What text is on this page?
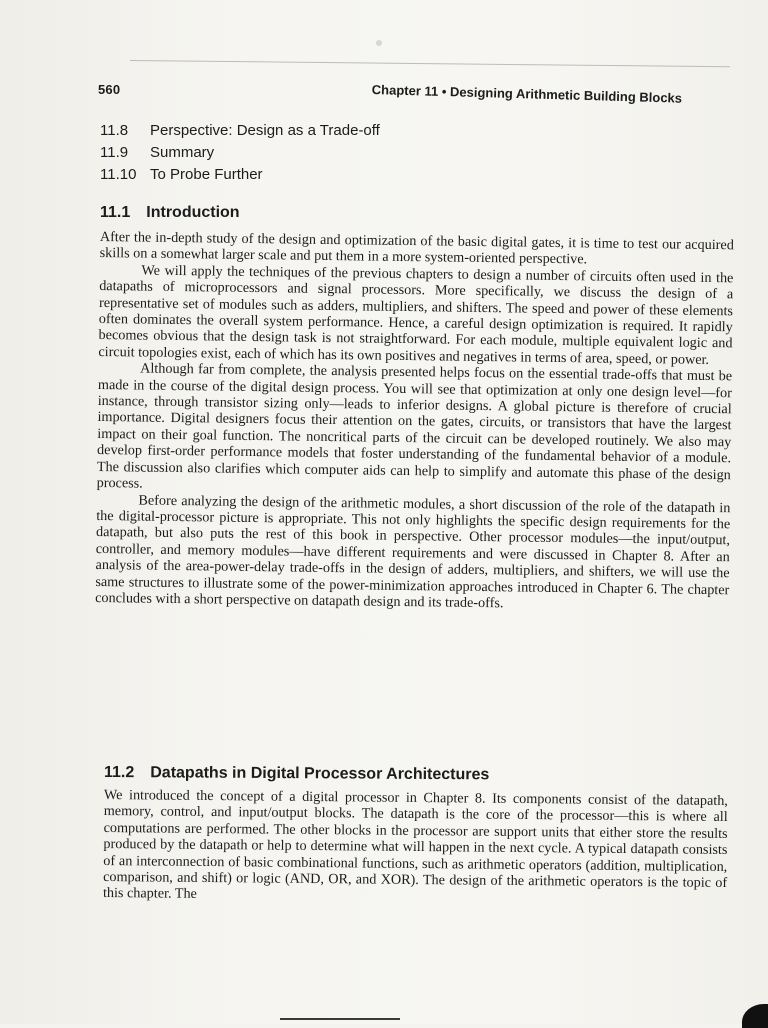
560	Chapter 11 • Designing Arithmetic Building Blocks
11.8 Perspective: Design as a Trade-off
11.9 Summary
11.10 To Probe Further
11.1 Introduction

After the in-depth study of the design and optimization of the basic digital gates, it is time to test our acquired skills on a somewhat larger scale and put them in a more system-oriented perspective.

We will apply the techniques of the previous chapters to design a number of circuits often used in the datapaths of microprocessors and signal processors. More specifically, we discuss the design of a representative set of modules such as adders, multipliers, and shifters. The speed and power of these elements often dominates the overall system performance. Hence, a careful design optimization is required. It rapidly becomes obvious that the design task is not straightforward. For each module, multiple equivalent logic and circuit topologies exist, each of which has its own positives and negatives in terms of area, speed, or power.

Although far from complete, the analysis presented helps focus on the essential trade-offs that must be made in the course of the digital design process. You will see that optimization at only one design level—for instance, through transistor sizing only—leads to inferior designs. A global picture is therefore of crucial importance. Digital designers focus their attention on the gates, circuits, or transistors that have the largest impact on their goal function. The noncritical parts of the circuit can be developed routinely. We also may develop first-order performance models that foster understanding of the fundamental behavior of a module. The discussion also clarifies which computer aids can help to simplify and automate this phase of the design process.

Before analyzing the design of the arithmetic modules, a short discussion of the role of the datapath in the digital-processor picture is appropriate. This not only highlights the specific design requirements for the datapath, but also puts the rest of this book in perspective. Other processor modules—the input/output, controller, and memory modules—have different requirements and were discussed in Chapter 8. After an analysis of the area-power-delay trade-offs in the design of adders, multipliers, and shifters, we will use the same structures to illustrate some of the power-minimization approaches introduced in Chapter 6. The chapter concludes with a short perspective on datapath design and its trade-offs.

11.2 Datapaths in Digital Processor Architectures

We introduced the concept of a digital processor in Chapter 8. Its components consist of the datapath, memory, control, and input/output blocks. The datapath is the core of the processor—this is where all computations are performed. The other blocks in the processor are support units that either store the results produced by the datapath or help to determine what will happen in the next cycle. A typical datapath consists of an interconnection of basic combinational functions, such as arithmetic operators (addition, multiplication, comparison, and shift) or logic (AND, OR, and XOR). The design of the arithmetic operators is the topic of this chapter. The
